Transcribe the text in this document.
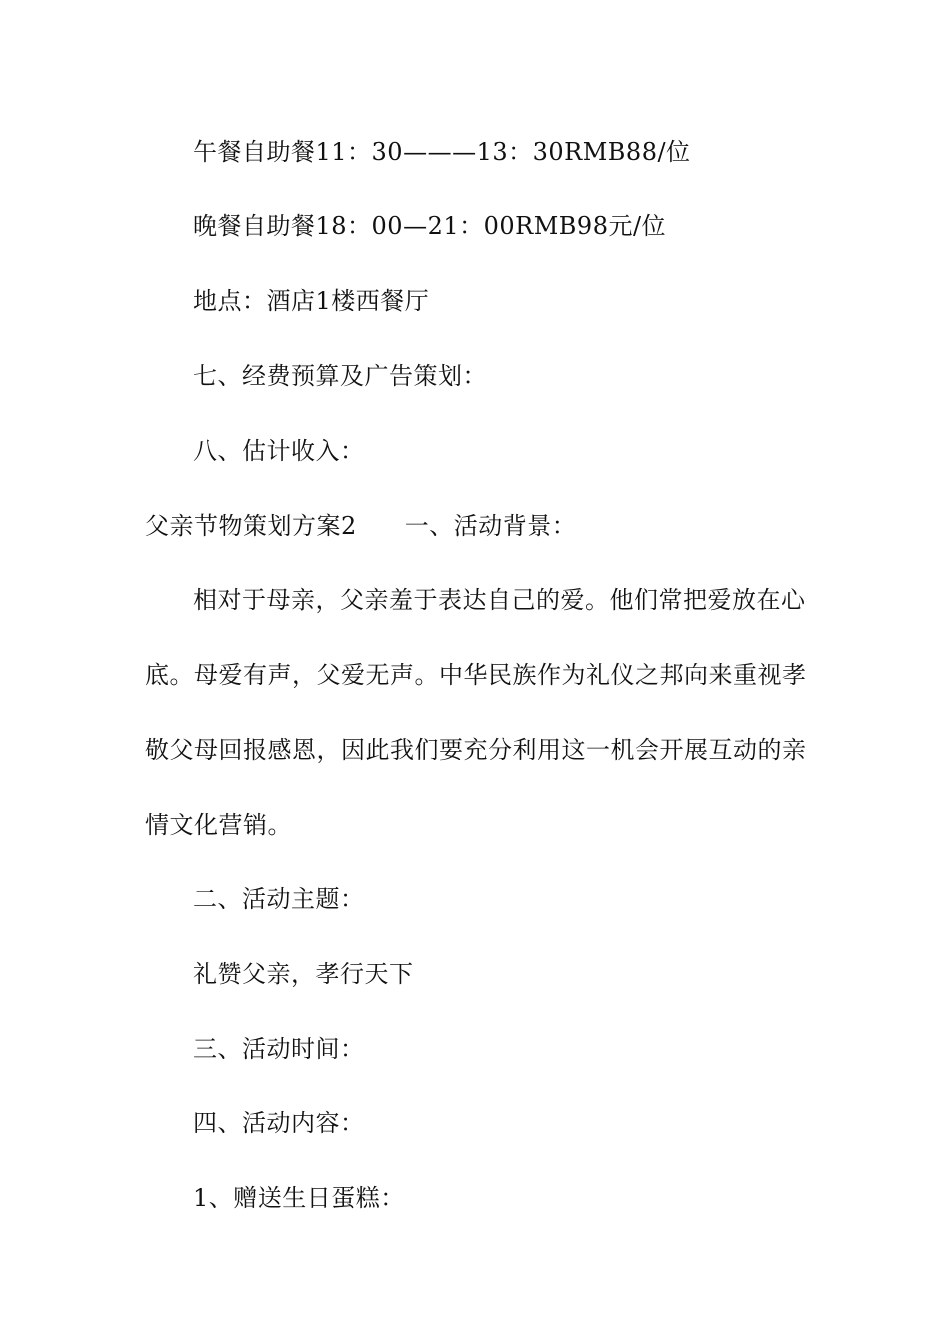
午餐自助餐11：30———13：30RMB88/位
晚餐自助餐18：00—21：00RMB98元/位
地点：酒店1楼西餐厅
七、经费预算及广告策划：
八、估计收入：
父亲节物策划方案2 一、活动背景：
相对于母亲，父亲羞于表达自己的爱。他们常把爱放在心
底。母爱有声，父爱无声。中华民族作为礼仪之邦向来重视孝
敬父母回报感恩，因此我们要充分利用这一机会开展互动的亲
情文化营销。
二、活动主题：
礼赞父亲，孝行天下
三、活动时间：
四、活动内容：
1、赠送生日蛋糕：
